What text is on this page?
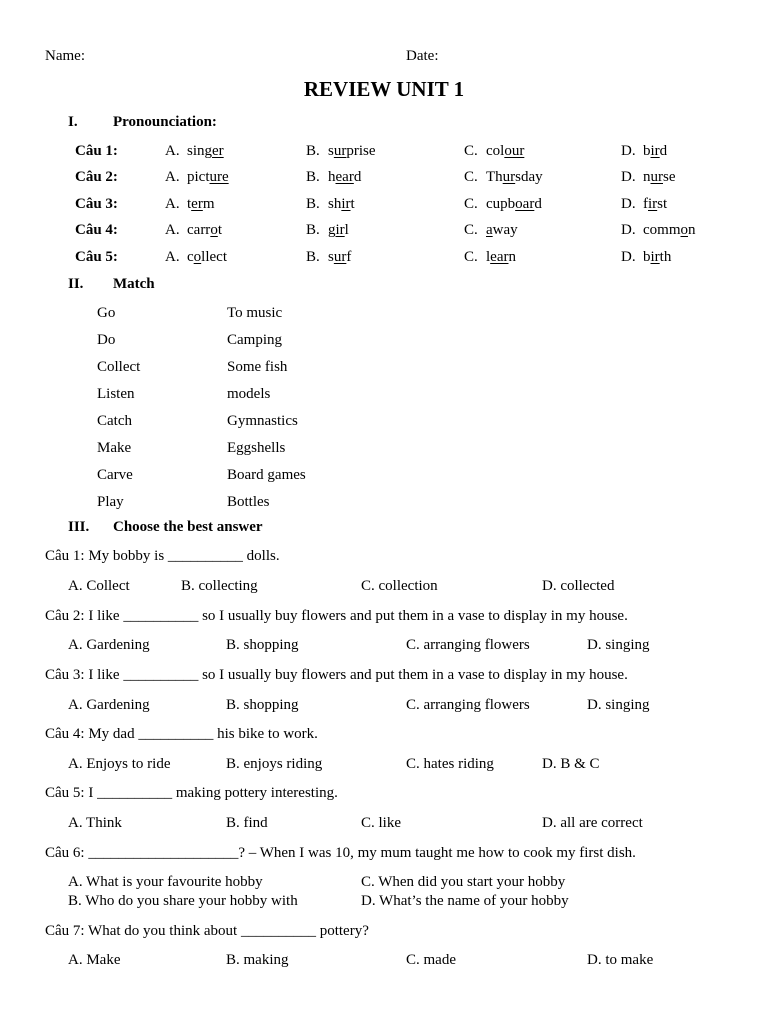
Name:	Date:
REVIEW UNIT 1
I. Pronounciation:
Câu 1:	A. singer	B. surprise	C. colour	D. bird
Câu 2:	A. picture	B. heard	C. Thursday	D. nurse
Câu 3:	A. term	B. shirt	C. cupboard	D. first
Câu 4:	A. carrot	B. girl	C. away	D. common
Câu 5:	A. collect	B. surf	C. learn	D. birth
II. Match
Go	To music
Do	Camping
Collect	Some fish
Listen	models
Catch	Gymnastics
Make	Eggshells
Carve	Board games
Play	Bottles
III. Choose the best answer
Câu 1: My bobby is __________ dolls.
A. Collect	B. collecting	C. collection	D. collected
Câu 2: I like __________ so I usually buy flowers and put them in a vase to display in my house.
A. Gardening	B. shopping	C. arranging flowers	D. singing
Câu 3: I like __________ so I usually buy flowers and put them in a vase to display in my house.
A. Gardening	B. shopping	C. arranging flowers	D. singing
Câu 4: My dad __________ his bike to work.
A. Enjoys to ride	B. enjoys riding	C. hates riding	D. B & C
Câu 5: I __________ making pottery interesting.
A. Think	B. find	C. like	D. all are correct
Câu 6: ____________________? – When I was 10, my mum taught me how to cook my first dish.
A. What is your favourite hobby	C. When did you start your hobby
B. Who do you share your hobby with	D. What’s the name of your hobby
Câu 7: What do you think about __________ pottery?
A. Make	B. making	C. made	D. to make
